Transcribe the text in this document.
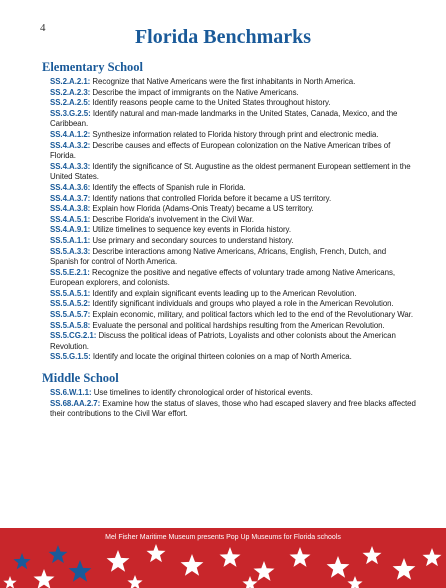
4	Florida Benchmarks
Elementary School
SS.2.A.2.1: Recognize that Native Americans were the first inhabitants in North America.
SS.2.A.2.3: Describe the impact of immigrants on the Native Americans.
SS.2.A.2.5: Identify reasons people came to the United States throughout history.
SS.3.G.2.5: Identify natural and man-made landmarks in the United States, Canada, Mexico, and the Caribbean.
SS.4.A.1.2: Synthesize information related to Florida history through print and electronic media.
SS.4.A.3.2: Describe causes and effects of European colonization on the Native American tribes of Florida.
SS.4.A.3.3: Identify the significance of St. Augustine as the oldest permanent European settlement in the United States.
SS.4.A.3.6: Identify the effects of Spanish rule in Florida.
SS.4.A.3.7: Identify nations that controlled Florida before it became a US territory.
SS.4.A.3.8: Explain how Florida (Adams-Onis Treaty) became a US territory.
SS.4.A.5.1: Describe Florida's involvement in the Civil War.
SS.4.A.9.1: Utilize timelines to sequence key events in Florida history.
SS.5.A.1.1: Use primary and secondary sources to understand history.
SS.5.A.3.3: Describe interactions among Native Americans, Africans, English, French, Dutch, and Spanish for control of North America.
SS.5.E.2.1: Recognize the positive and negative effects of voluntary trade among Native Americans, European explorers, and colonists.
SS.5.A.5.1: Identify and explain significant events leading up to the American Revolution.
SS.5.A.5.2: Identify significant individuals and groups who played a role in the American Revolution.
SS.5.A.5.7: Explain economic, military, and political factors which led to the end of the Revolutionary War.
SS.5.A.5.8: Evaluate the personal and political hardships resulting from the American Revolution.
SS.5.CG.2.1: Discuss the political ideas of Patriots, Loyalists and other colonists about the American Revolution.
SS.5.G.1.5: Identify and locate the original thirteen colonies on a map of North America.
Middle School
SS.6.W.1.1: Use timelines to identify chronological order of historical events.
SS.68.AA.2.7: Examine how the status of slaves, those who had escaped slavery and free blacks affected their contributions to the Civil War effort.
Mel Fisher Maritime Museum presents Pop Up Museums for Florida schools
